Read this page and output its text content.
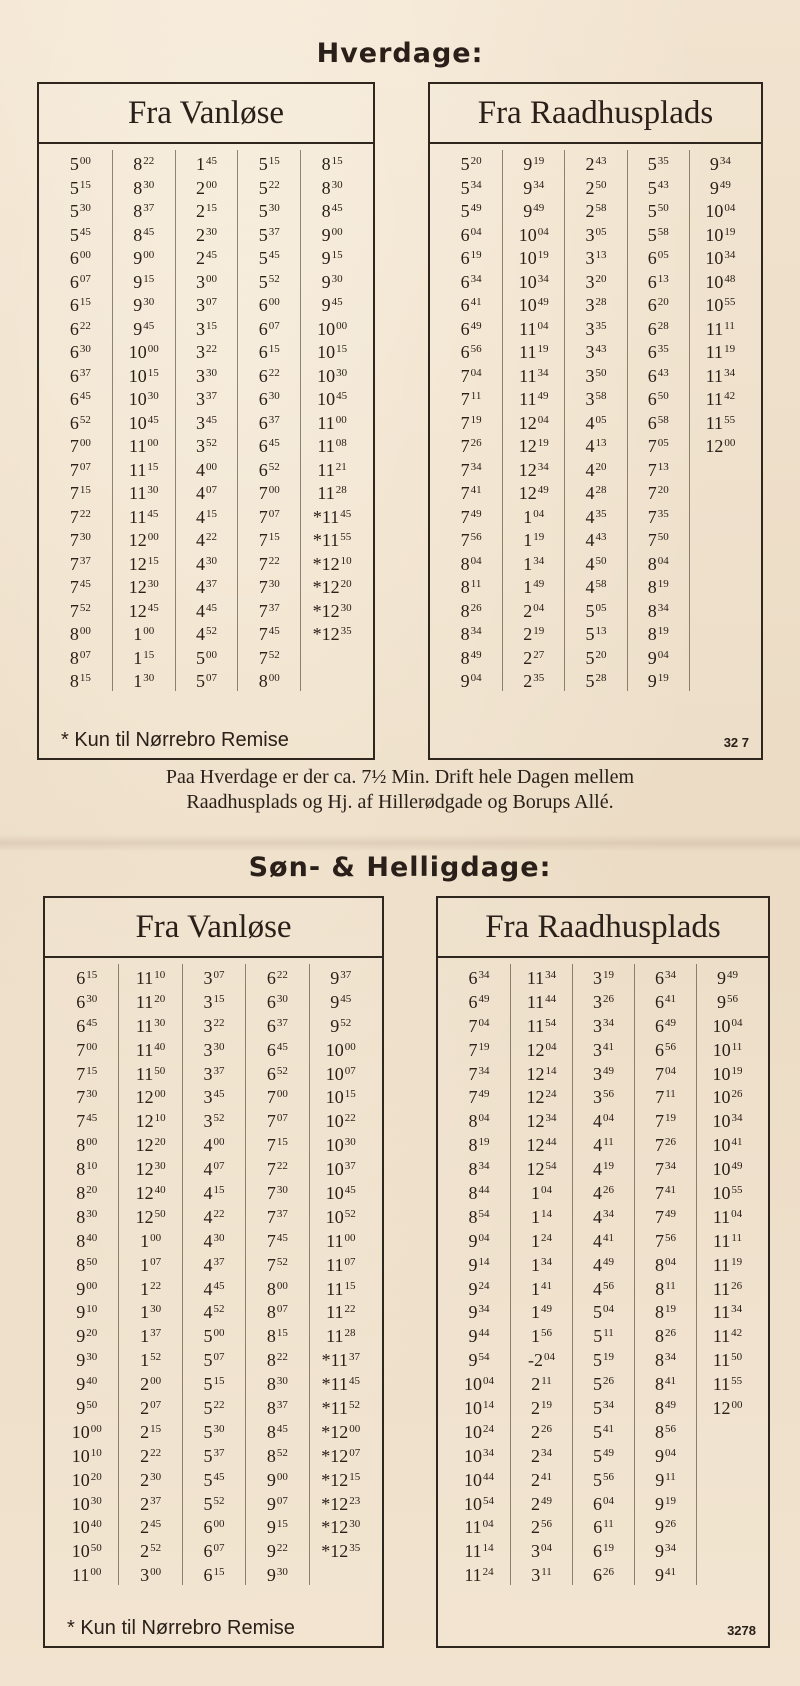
Hverdage:
Fra Vanløse
$5^{00}$
$5^{15}$
$5^{30}$
$5^{45}$
$6^{00}$
$6^{07}$
$6^{15}$
$6^{22}$
$6^{30}$
$6^{37}$
$6^{45}$
$6^{52}$
$7^{00}$
$7^{07}$
$7^{15}$
$7^{22}$
$7^{30}$
$7^{37}$
$7^{45}$
$7^{52}$
$8^{00}$
$8^{07}$
$8^{15}$
$8^{22}$
$8^{30}$
$8^{37}$
$8^{45}$
$9^{00}$
$9^{15}$
$9^{30}$
$9^{45}$
$10^{00}$
$10^{15}$
$10^{30}$
$10^{45}$
$11^{00}$
$11^{15}$
$11^{30}$
$11^{45}$
$12^{00}$
$12^{15}$
$12^{30}$
$12^{45}$
$1^{00}$
$1^{15}$
$1^{30}$
$1^{45}$
$2^{00}$
$2^{15}$
$2^{30}$
$2^{45}$
$3^{00}$
$3^{07}$
$3^{15}$
$3^{22}$
$3^{30}$
$3^{37}$
$3^{45}$
$3^{52}$
$4^{00}$
$4^{07}$
$4^{15}$
$4^{22}$
$4^{30}$
$4^{37}$
$4^{45}$
$4^{52}$
$5^{00}$
$5^{07}$
$5^{15}$
$5^{22}$
$5^{30}$
$5^{37}$
$5^{45}$
$5^{52}$
$6^{00}$
$6^{07}$
$6^{15}$
$6^{22}$
$6^{30}$
$6^{37}$
$6^{45}$
$6^{52}$
$7^{00}$
$7^{07}$
$7^{15}$
$7^{22}$
$7^{30}$
$7^{37}$
$7^{45}$
$7^{52}$
$8^{00}$
$8^{15}$
$8^{30}$
$8^{45}$
$9^{00}$
$9^{15}$
$9^{30}$
$9^{45}$
$10^{00}$
$10^{15}$
$10^{30}$
$10^{45}$
$11^{00}$
$11^{08}$
$11^{21}$
$11^{28}$
$*11^{45}$
$*11^{55}$
$*12^{10}$
$*12^{20}$
$*12^{30}$
$*12^{35}$
* Kun til Nørrebro Remise
Fra Raadhusplads
$5^{20}$
$5^{34}$
$5^{49}$
$6^{04}$
$6^{19}$
$6^{34}$
$6^{41}$
$6^{49}$
$6^{56}$
$7^{04}$
$7^{11}$
$7^{19}$
$7^{26}$
$7^{34}$
$7^{41}$
$7^{49}$
$7^{56}$
$8^{04}$
$8^{11}$
$8^{26}$
$8^{34}$
$8^{49}$
$9^{04}$
$9^{19}$
$9^{34}$
$9^{49}$
$10^{04}$
$10^{19}$
$10^{34}$
$10^{49}$
$11^{04}$
$11^{19}$
$11^{34}$
$11^{49}$
$12^{04}$
$12^{19}$
$12^{34}$
$12^{49}$
$1^{04}$
$1^{19}$
$1^{34}$
$1^{49}$
$2^{04}$
$2^{19}$
$2^{27}$
$2^{35}$
$2^{43}$
$2^{50}$
$2^{58}$
$3^{05}$
$3^{13}$
$3^{20}$
$3^{28}$
$3^{35}$
$3^{43}$
$3^{50}$
$3^{58}$
$4^{05}$
$4^{13}$
$4^{20}$
$4^{28}$
$4^{35}$
$4^{43}$
$4^{50}$
$4^{58}$
$5^{05}$
$5^{13}$
$5^{20}$
$5^{28}$
$5^{35}$
$5^{43}$
$5^{50}$
$5^{58}$
$6^{05}$
$6^{13}$
$6^{20}$
$6^{28}$
$6^{35}$
$6^{43}$
$6^{50}$
$6^{58}$
$7^{05}$
$7^{13}$
$7^{20}$
$7^{35}$
$7^{50}$
$8^{04}$
$8^{19}$
$8^{34}$
$8^{19}$
$9^{04}$
$9^{19}$
$9^{34}$
$9^{49}$
$10^{04}$
$10^{19}$
$10^{34}$
$10^{48}$
$10^{55}$
$11^{11}$
$11^{19}$
$11^{34}$
$11^{42}$
$11^{55}$
$12^{00}$
32 7
Paa Hverdage er der ca. 7½ Min. Drift hele Dagen mellem
Raadhusplads og Hj. af Hillerødgade og Borups Allé.
Søn- & Helligdage:
Fra Vanløse
$6^{15}$
$6^{30}$
$6^{45}$
$7^{00}$
$7^{15}$
$7^{30}$
$7^{45}$
$8^{00}$
$8^{10}$
$8^{20}$
$8^{30}$
$8^{40}$
$8^{50}$
$9^{00}$
$9^{10}$
$9^{20}$
$9^{30}$
$9^{40}$
$9^{50}$
$10^{00}$
$10^{10}$
$10^{20}$
$10^{30}$
$10^{40}$
$10^{50}$
$11^{00}$
$11^{10}$
$11^{20}$
$11^{30}$
$11^{40}$
$11^{50}$
$12^{00}$
$12^{10}$
$12^{20}$
$12^{30}$
$12^{40}$
$12^{50}$
$1^{00}$
$1^{07}$
$1^{22}$
$1^{30}$
$1^{37}$
$1^{52}$
$2^{00}$
$2^{07}$
$2^{15}$
$2^{22}$
$2^{30}$
$2^{37}$
$2^{45}$
$2^{52}$
$3^{00}$
$3^{07}$
$3^{15}$
$3^{22}$
$3^{30}$
$3^{37}$
$3^{45}$
$3^{52}$
$4^{00}$
$4^{07}$
$4^{15}$
$4^{22}$
$4^{30}$
$4^{37}$
$4^{45}$
$4^{52}$
$5^{00}$
$5^{07}$
$5^{15}$
$5^{22}$
$5^{30}$
$5^{37}$
$5^{45}$
$5^{52}$
$6^{00}$
$6^{07}$
$6^{15}$
$6^{22}$
$6^{30}$
$6^{37}$
$6^{45}$
$6^{52}$
$7^{00}$
$7^{07}$
$7^{15}$
$7^{22}$
$7^{30}$
$7^{37}$
$7^{45}$
$7^{52}$
$8^{00}$
$8^{07}$
$8^{15}$
$8^{22}$
$8^{30}$
$8^{37}$
$8^{45}$
$8^{52}$
$9^{00}$
$9^{07}$
$9^{15}$
$9^{22}$
$9^{30}$
$9^{37}$
$9^{45}$
$9^{52}$
$10^{00}$
$10^{07}$
$10^{15}$
$10^{22}$
$10^{30}$
$10^{37}$
$10^{45}$
$10^{52}$
$11^{00}$
$11^{07}$
$11^{15}$
$11^{22}$
$11^{28}$
$*11^{37}$
$*11^{45}$
$*11^{52}$
$*12^{00}$
$*12^{07}$
$*12^{15}$
$*12^{23}$
$*12^{30}$
$*12^{35}$
* Kun til Nørrebro Remise
Fra Raadhusplads
$6^{34}$
$6^{49}$
$7^{04}$
$7^{19}$
$7^{34}$
$7^{49}$
$8^{04}$
$8^{19}$
$8^{34}$
$8^{44}$
$8^{54}$
$9^{04}$
$9^{14}$
$9^{24}$
$9^{34}$
$9^{44}$
$9^{54}$
$10^{04}$
$10^{14}$
$10^{24}$
$10^{34}$
$10^{44}$
$10^{54}$
$11^{04}$
$11^{14}$
$11^{24}$
$11^{34}$
$11^{44}$
$11^{54}$
$12^{04}$
$12^{14}$
$12^{24}$
$12^{34}$
$12^{44}$
$12^{54}$
$1^{04}$
$1^{14}$
$1^{24}$
$1^{34}$
$1^{41}$
$1^{49}$
$1^{56}$
$-2^{04}$
$2^{11}$
$2^{19}$
$2^{26}$
$2^{34}$
$2^{41}$
$2^{49}$
$2^{56}$
$3^{04}$
$3^{11}$
$3^{19}$
$3^{26}$
$3^{34}$
$3^{41}$
$3^{49}$
$3^{56}$
$4^{04}$
$4^{11}$
$4^{19}$
$4^{26}$
$4^{34}$
$4^{41}$
$4^{49}$
$4^{56}$
$5^{04}$
$5^{11}$
$5^{19}$
$5^{26}$
$5^{34}$
$5^{41}$
$5^{49}$
$5^{56}$
$6^{04}$
$6^{11}$
$6^{19}$
$6^{26}$
$6^{34}$
$6^{41}$
$6^{49}$
$6^{56}$
$7^{04}$
$7^{11}$
$7^{19}$
$7^{26}$
$7^{34}$
$7^{41}$
$7^{49}$
$7^{56}$
$8^{04}$
$8^{11}$
$8^{19}$
$8^{26}$
$8^{34}$
$8^{41}$
$8^{49}$
$8^{56}$
$9^{04}$
$9^{11}$
$9^{19}$
$9^{26}$
$9^{34}$
$9^{41}$
$9^{49}$
$9^{56}$
$10^{04}$
$10^{11}$
$10^{19}$
$10^{26}$
$10^{34}$
$10^{41}$
$10^{49}$
$10^{55}$
$11^{04}$
$11^{11}$
$11^{19}$
$11^{26}$
$11^{34}$
$11^{42}$
$11^{50}$
$11^{55}$
$12^{00}$
3278
